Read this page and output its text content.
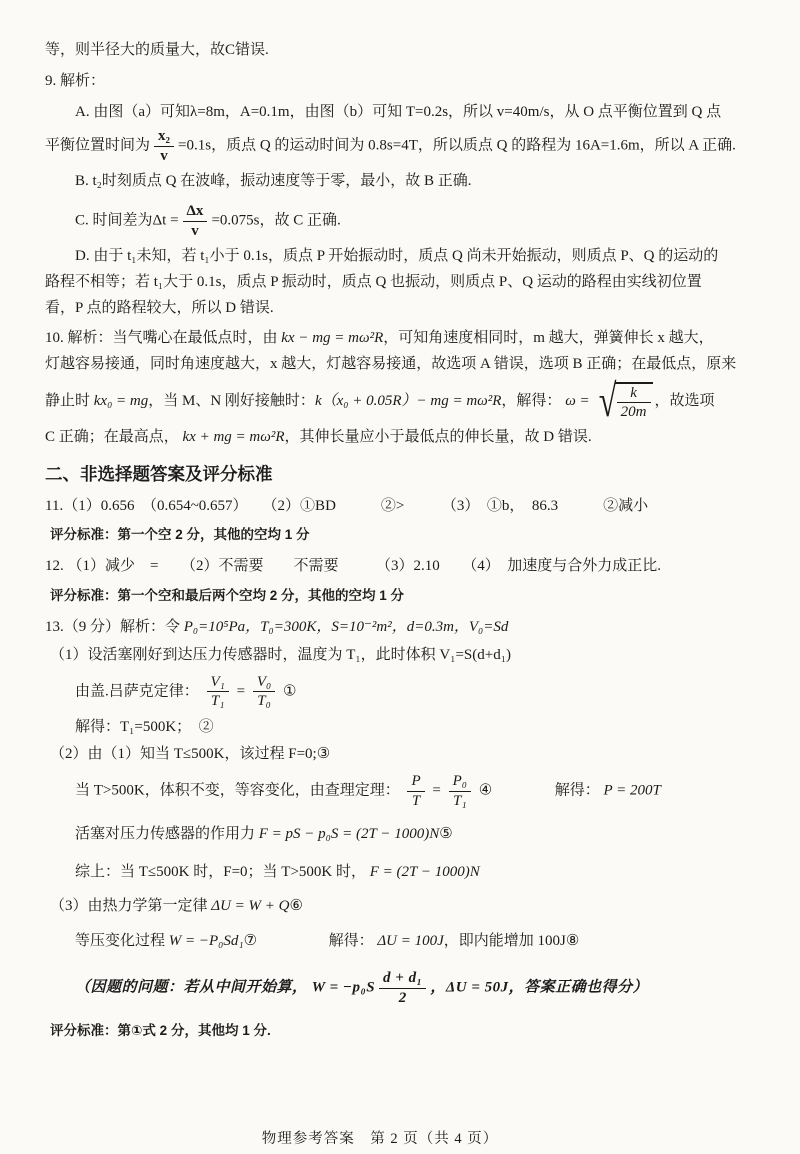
等，则半径大的质量大，故C错误.

9. 解析：

A. 由图（a）可知λ=8m，A=0.1m，由图（b）可知 T=0.2s，所以 v=40m/s，从 O 点平衡位置到 Q 点

平衡位置时间为 $\frac{\text{x₂}}{v} =0.1s$，质点 Q 的运动时间为 0.8s=4T，所以质点 Q 的路程为 16A=1.6m，所以 A 正确.

B. t₂时刻质点 Q 在波峰，振动速度等于零，最小，故 B 正确.

C. 时间差为$\Delta t = \frac{\Delta x}{v} =0.075s$，故 C 正确.

D. 由于 t₁未知，若 t₁小于 0.1s，质点 P 开始振动时，质点 Q 尚未开始振动，则质点 P、Q 的运动的

路程不相等；若 t₁大于 0.1s，质点 P 振动时，质点 Q 也振动，则质点 P、Q 运动的路程由实线初位置

看，P 点的路程较大，所以 D 错误.

10. 解析：当气嘴心在最低点时，由 kx − mg = mω²R，可知角速度相同时，m 越大，弹簧伸长 x 越大，

灯越容易接通，同时角速度越大，x 越大，灯越容易接通，故选项 A 错误，选项 B 正确；在最低点，原来

静止时 kx₀ = mg，当 M、N 刚好接触时：k（x₀ + 0.05R）− mg = mω²R，解得： ω = √ $\frac{k}{20m}$ ，故选项

C 正确；在最高点， kx + mg = mω²R，其伸长量应小于最低点的伸长量，故 D 错误.

二、非选择题答案及评分标准

11.（1）0.656　（0.654~0.657）　　（2）①BD　　　②>　　　（3）　①b，　86.3　　　②减小

评分标准：第一个空 2 分，其他的空均 1 分

12. （1）减少　=　　（2）不需要　　不需要　　　（3）2.10　　（4）　加速度与合外力成正比.

评分标准：第一个空和最后两个空均 2 分，其他的空均 1 分

13.（9 分）解析：令 P₀=10⁵Pa，T₀=300K，S=10⁻²m²，d=0.3m，V₀=Sd

（1）设活塞刚好到达压力传感器时，温度为 T₁，此时体积 V₁=S(d+d₁)

由盖.吕萨克定律： $\frac{\text{V₁}}{\text{T₁}} = \frac{\text{V₀}}{\text{T₀}}$ ①

解得：T₁=500K；　②

（2）由（1）知当 T≤500K，该过程 F=0;③

当 T>500K，体积不变，等容变化，由查理定理： $\frac{P}{T} = \frac{\text{P₀}}{\text{T₁}}$ ④	解得： P = 200T

活塞对压力传感器的作用力 F = pS − p₀S = (2T − 1000)N⑤

综上：当 T≤500K 时，F=0；当 T>500K 时， F = (2T − 1000)N

（3）由热力学第一定律 ΔU = W + Q⑥

等压变化过程 W = −P₀Sd₁⑦	解得： ΔU = 100J，即内能增加 100J⑧

（因题的问题：若从中间开始算， $W = -p_0S \frac{\text{d + d₁}}{2}$ ，ΔU = 50J，答案正确也得分）

评分标准：第①式 2 分，其他均 1 分.

物理参考答案　第 2 页（共 4 页）
